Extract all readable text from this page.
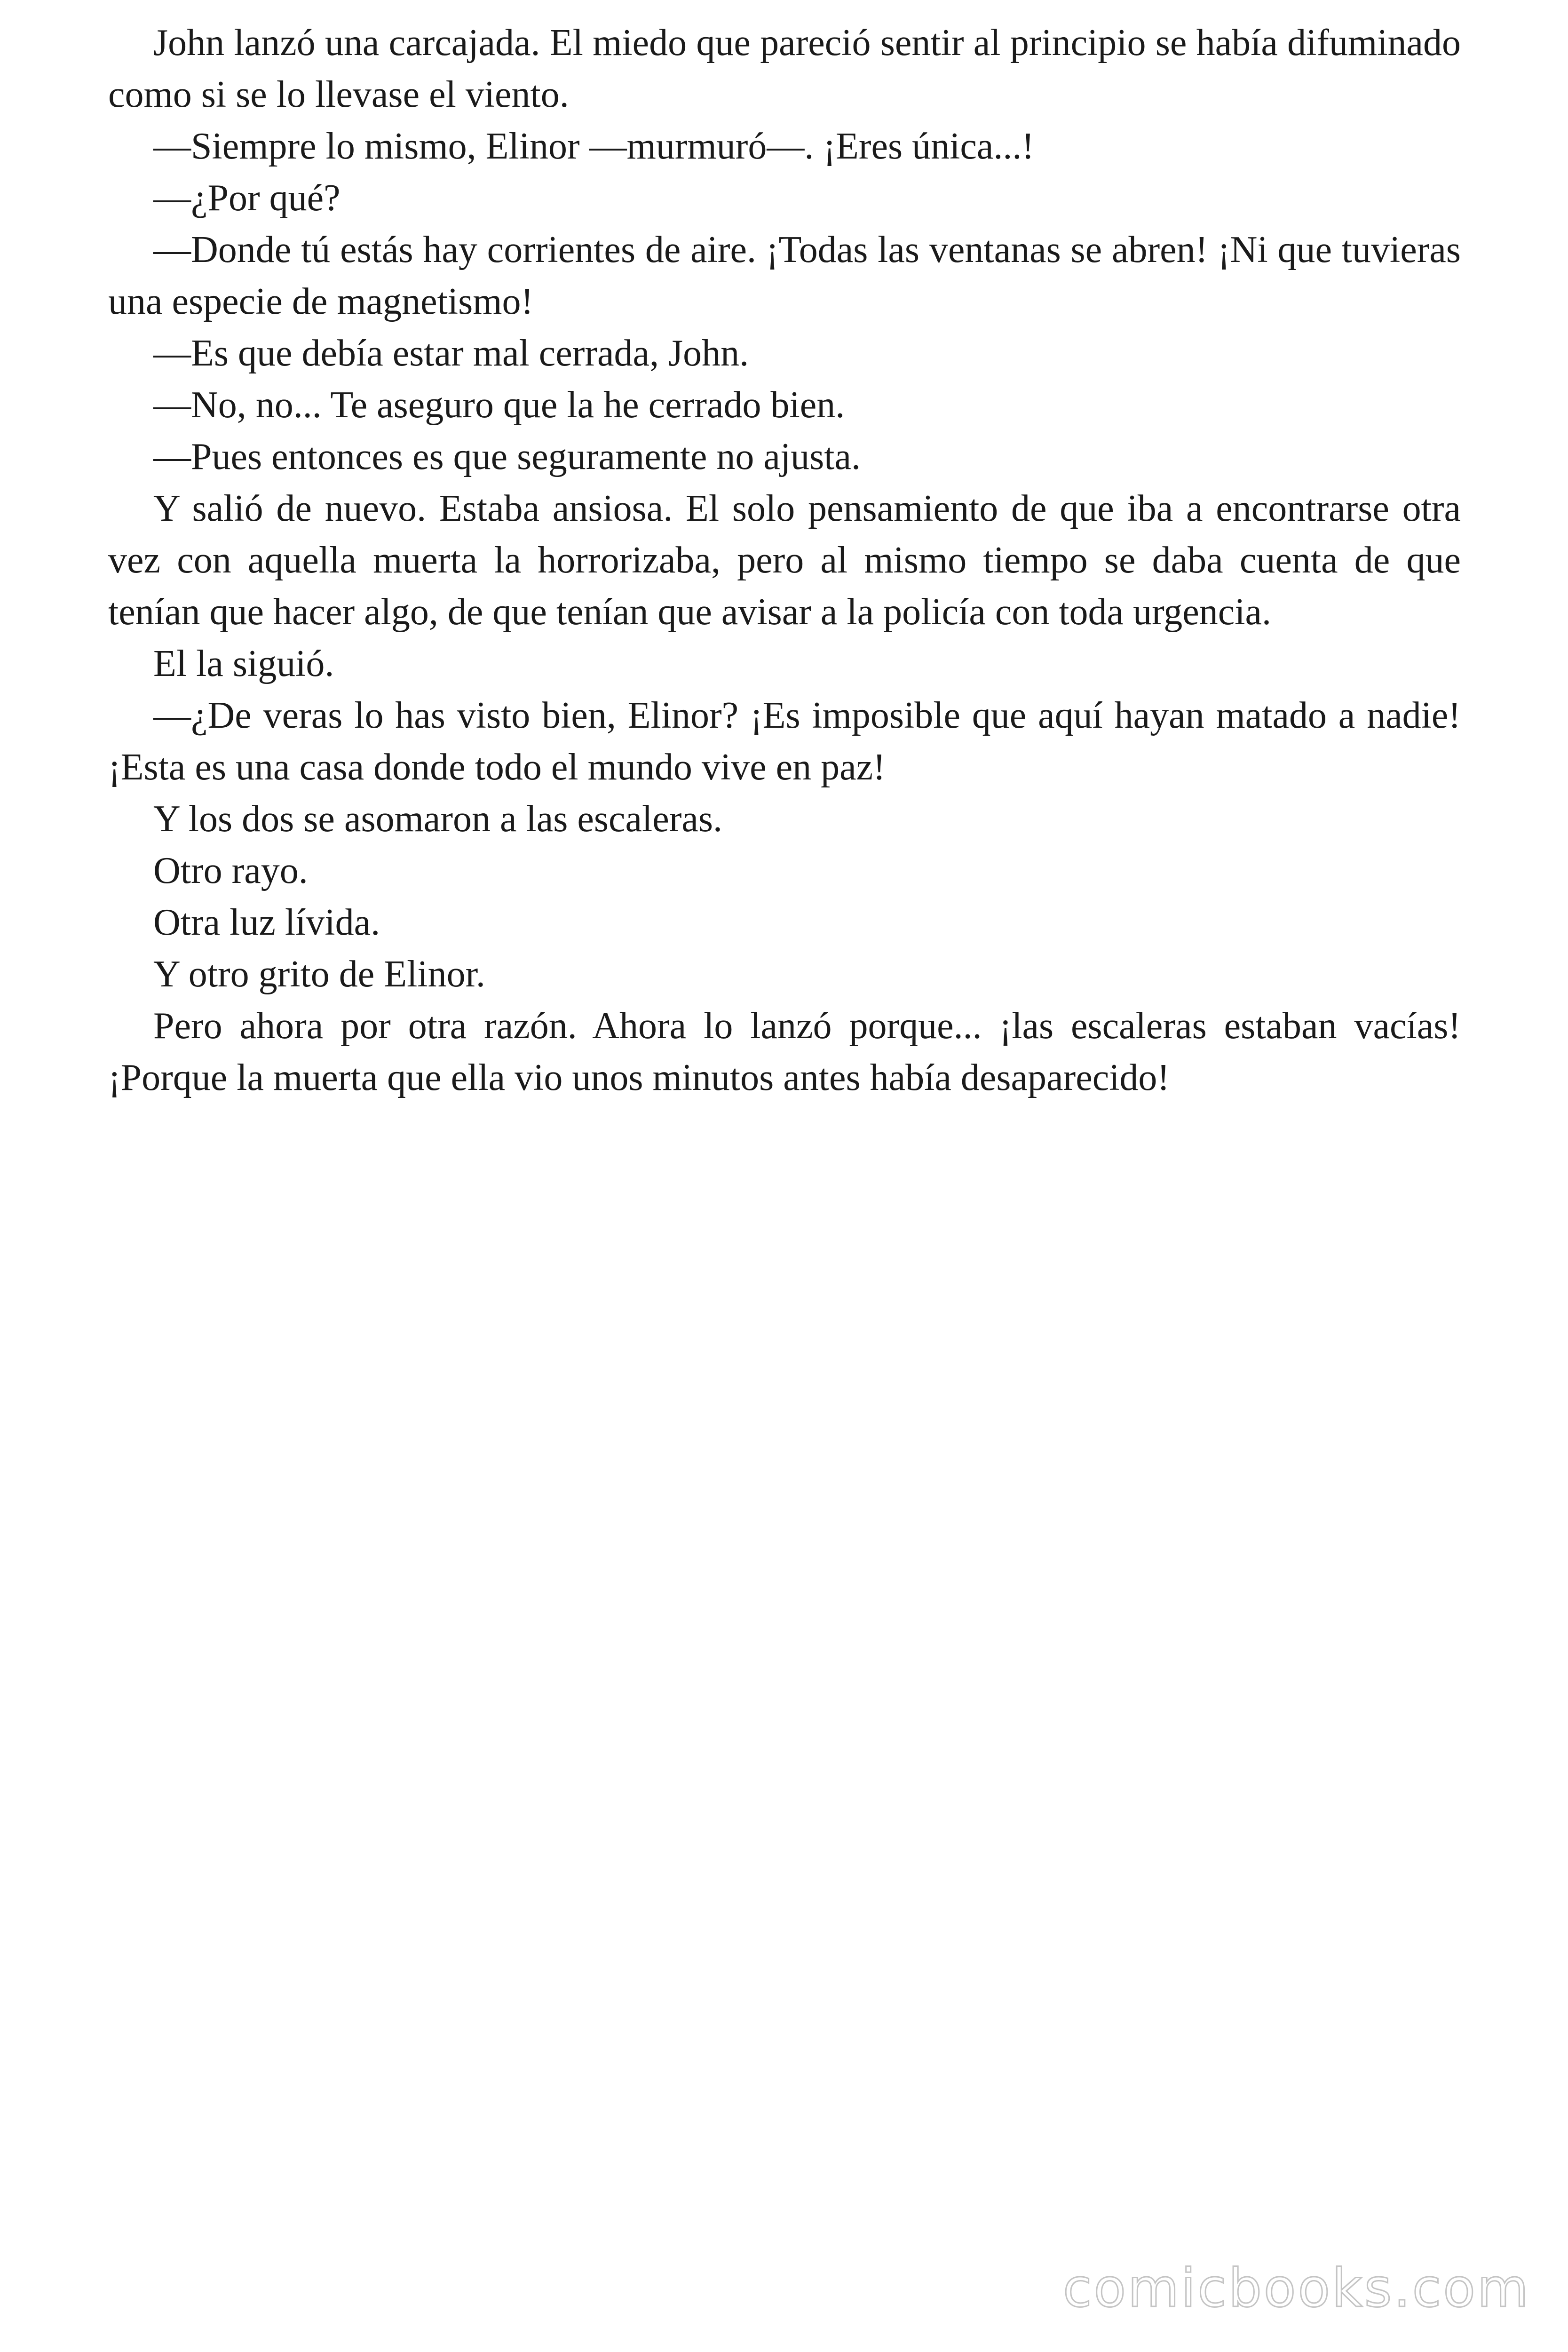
John lanzó una carcajada. El miedo que pareció sentir al principio se había difuminado como si se lo llevase el viento.

—Siempre lo mismo, Elinor —murmuró—. ¡Eres única...!

—¿Por qué?

—Donde tú estás hay corrientes de aire. ¡Todas las ventanas se abren! ¡Ni que tuvieras una especie de magnetismo!

—Es que debía estar mal cerrada, John.

—No, no... Te aseguro que la he cerrado bien.

—Pues entonces es que seguramente no ajusta.

Y salió de nuevo. Estaba ansiosa. El solo pensamiento de que iba a encontrarse otra vez con aquella muerta la horrorizaba, pero al mismo tiempo se daba cuenta de que tenían que hacer algo, de que tenían que avisar a la policía con toda urgencia.

El la siguió.

—¿De veras lo has visto bien, Elinor? ¡Es imposible que aquí hayan matado a nadie! ¡Esta es una casa donde todo el mundo vive en paz!

Y los dos se asomaron a las escaleras.

Otro rayo.

Otra luz lívida.

Y otro grito de Elinor.

Pero ahora por otra razón. Ahora lo lanzó porque... ¡las escaleras estaban vacías! ¡Porque la muerta que ella vio unos minutos antes había desaparecido!

comicbooks.com
